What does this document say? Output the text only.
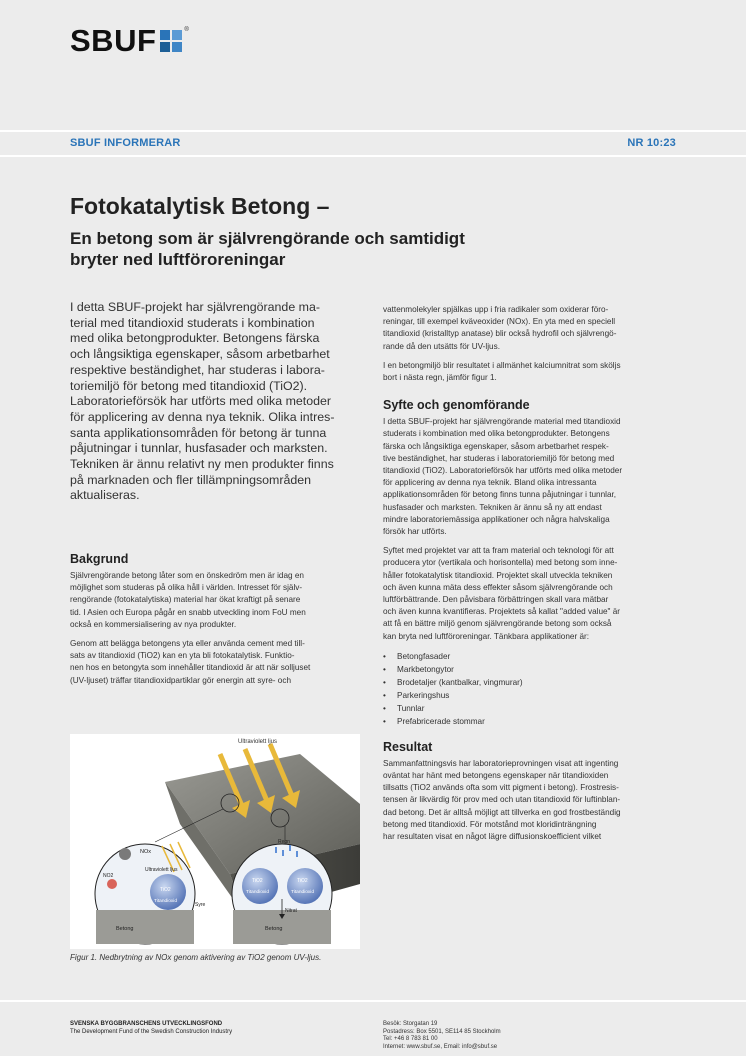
SBUF	®
SBUF INFORMERAR	NR 10:23
Fotokatalytisk Betong –
En betong som är självrengörande och samtidigt
bryter ned luftföroreningar
I detta SBUF-projekt har självrengörande ma-
terial med titandioxid studerats i kombination
med olika betongprodukter. Betongens färska
och långsiktiga egenskaper, såsom arbetbarhet
respektive beständighet, har studeras i labora-
toriemiljö för betong med titandioxid (TiO2).
Laboratorieförsök har utförts med olika metoder
för applicering av denna nya teknik. Olika intres-
santa applikationsområden för betong är tunna
påjutningar i tunnlar, husfasader och marksten.
Tekniken är ännu relativt ny men produkter finns
på marknaden och fler tillämpningsområden
aktualiseras.
Bakgrund

Självrengörande betong låter som en önskedröm men är idag en
möjlighet som studeras på olika håll i världen. Intresset för själv-
rengörande (fotokatalytiska) material har ökat kraftigt på senare
tid. I Asien och Europa pågår en snabb utveckling inom FoU men
också en kommersialisering av nya produkter.

Genom att belägga betongens yta eller använda cement med till-
sats av titandioxid (TiO2) kan en yta bli fotokatalytisk. Funktio-
nen hos en betongyta som innehåller titandioxid är att när solljuset
(UV-ljuset) träffar titandioxidpartiklar gör energin att syre- och

Ultraviolett ljus
NOx
NO2
Ultraviolett ljus
TiO2
Titandioxid
Syre
Betong
Regn
TiO2
Titandioxid
TiO2
Titandioxid
Nitrat
Betong
Figur 1. Nedbrytning av NOx genom aktivering av TiO2 genom UV-ljus.

vattenmolekyler spjälkas upp i fria radikaler som oxiderar föro-
reningar, till exempel kväveoxider (NOx). En yta med en speciell
titandioxid (kristalltyp anatase) blir också hydrofil och självrengö-
rande då den utsätts för UV-ljus.

I en betongmiljö blir resultatet i allmänhet kalciumnitrat som sköljs
bort i nästa regn, jämför figur 1.

Syfte och genomförande

I detta SBUF-projekt har självrengörande material med titandioxid
studerats i kombination med olika betongprodukter. Betongens
färska och långsiktiga egenskaper, såsom arbetbarhet respek-
tive beständighet, har studeras i laboratoriemiljö för betong med
titandioxid (TiO2). Laboratorieförsök har utförts med olika metoder
för applicering av denna nya teknik. Bland olika intressanta
applikationsområden för betong finns tunna påjutningar i tunnlar,
husfasader och marksten. Tekniken är ännu så ny att endast
mindre laboratoriemässiga applikationer och några halvskaliga
försök har utförts.

Syftet med projektet var att ta fram material och teknologi för att
producera ytor (vertikala och horisontella) med betong som inne-
håller fotokatalytisk titandioxid. Projektet skall utveckla tekniken
och även kunna mäta dess effekter såsom självrengörande och
luftförbättrande. Den påvisbara förbättringen skall vara mätbar
och även kunna kvantifieras. Projektets så kallat "added value" är
att få en bättre miljö genom självrengörande betong som också
kan bryta ned luftföroreningar. Tänkbara applikationer är:

• Betongfasader
• Markbetongytor
• Brodetaljer (kantbalkar, vingmurar)
• Parkeringshus
• Tunnlar
• Prefabricerade stommar
Resultat

Sammanfattningsvis har laboratorieprovningen visat att ingenting
oväntat har hänt med betongens egenskaper när titandioxiden
tillsatts (TiO2 används ofta som vitt pigment i betong). Frostresis-
tensen är likvärdig för prov med och utan titandioxid för luftinblan-
dad betong. Det är alltså möjligt att tillverka en god frostbeständig
betong med titandioxid. För motstånd mot kloridinträngning
har resultaten visat en något lägre diffusionskoefficient vilket

SVENSKA BYGGBRANSCHENS UTVECKLINGSFOND
The Development Fund of the Swedish Construction Industry
Besök: Storgatan 19
Postadress: Box 5501, SE114 85 Stockholm
Tel: +46 8 783 81 00
Internet: www.sbuf.se, Email: info@sbuf.se
